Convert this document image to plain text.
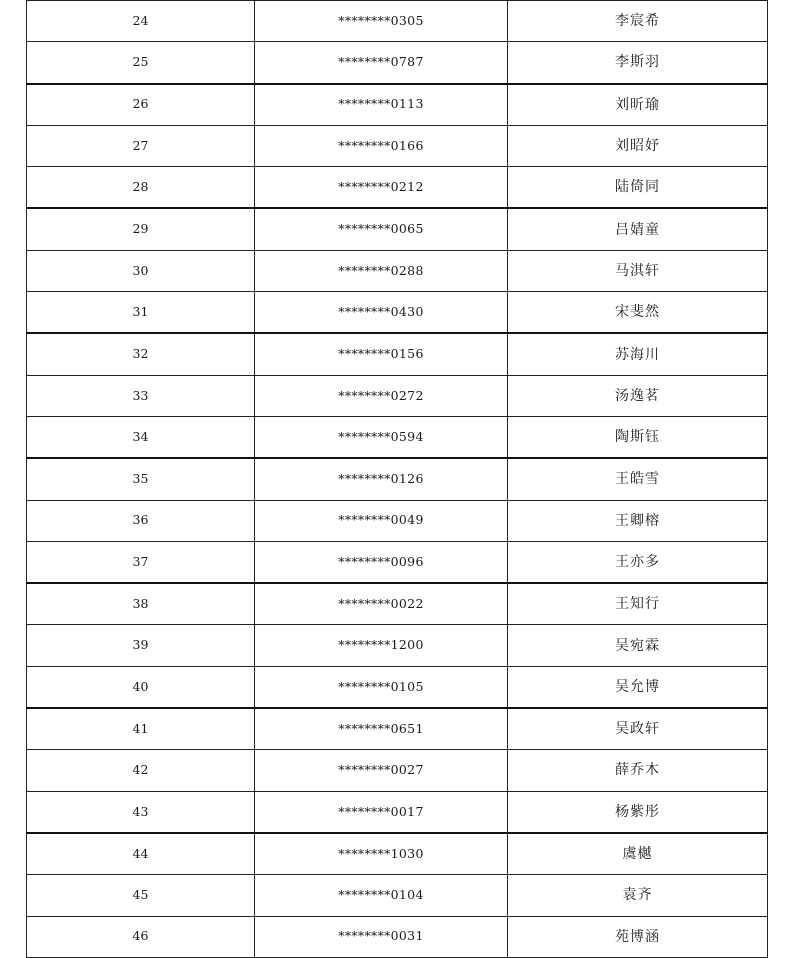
24	********0305	李宸希
25	********0787	李斯羽
26	********0113	刘昕瑜
27	********0166	刘昭妤
28	********0212	陆倚同
29	********0065	吕婧童
30	********0288	马淇轩
31	********0430	宋斐然
32	********0156	苏海川
33	********0272	汤逸茗
34	********0594	陶斯钰
35	********0126	王皓雪
36	********0049	王卿榕
37	********0096	王亦多
38	********0022	王知行
39	********1200	吴宛霖
40	********0105	吴允博
41	********0651	吴政轩
42	********0027	薛乔木
43	********0017	杨紫彤
44	********1030	虞樾
45	********0104	袁齐
46	********0031	苑博涵
